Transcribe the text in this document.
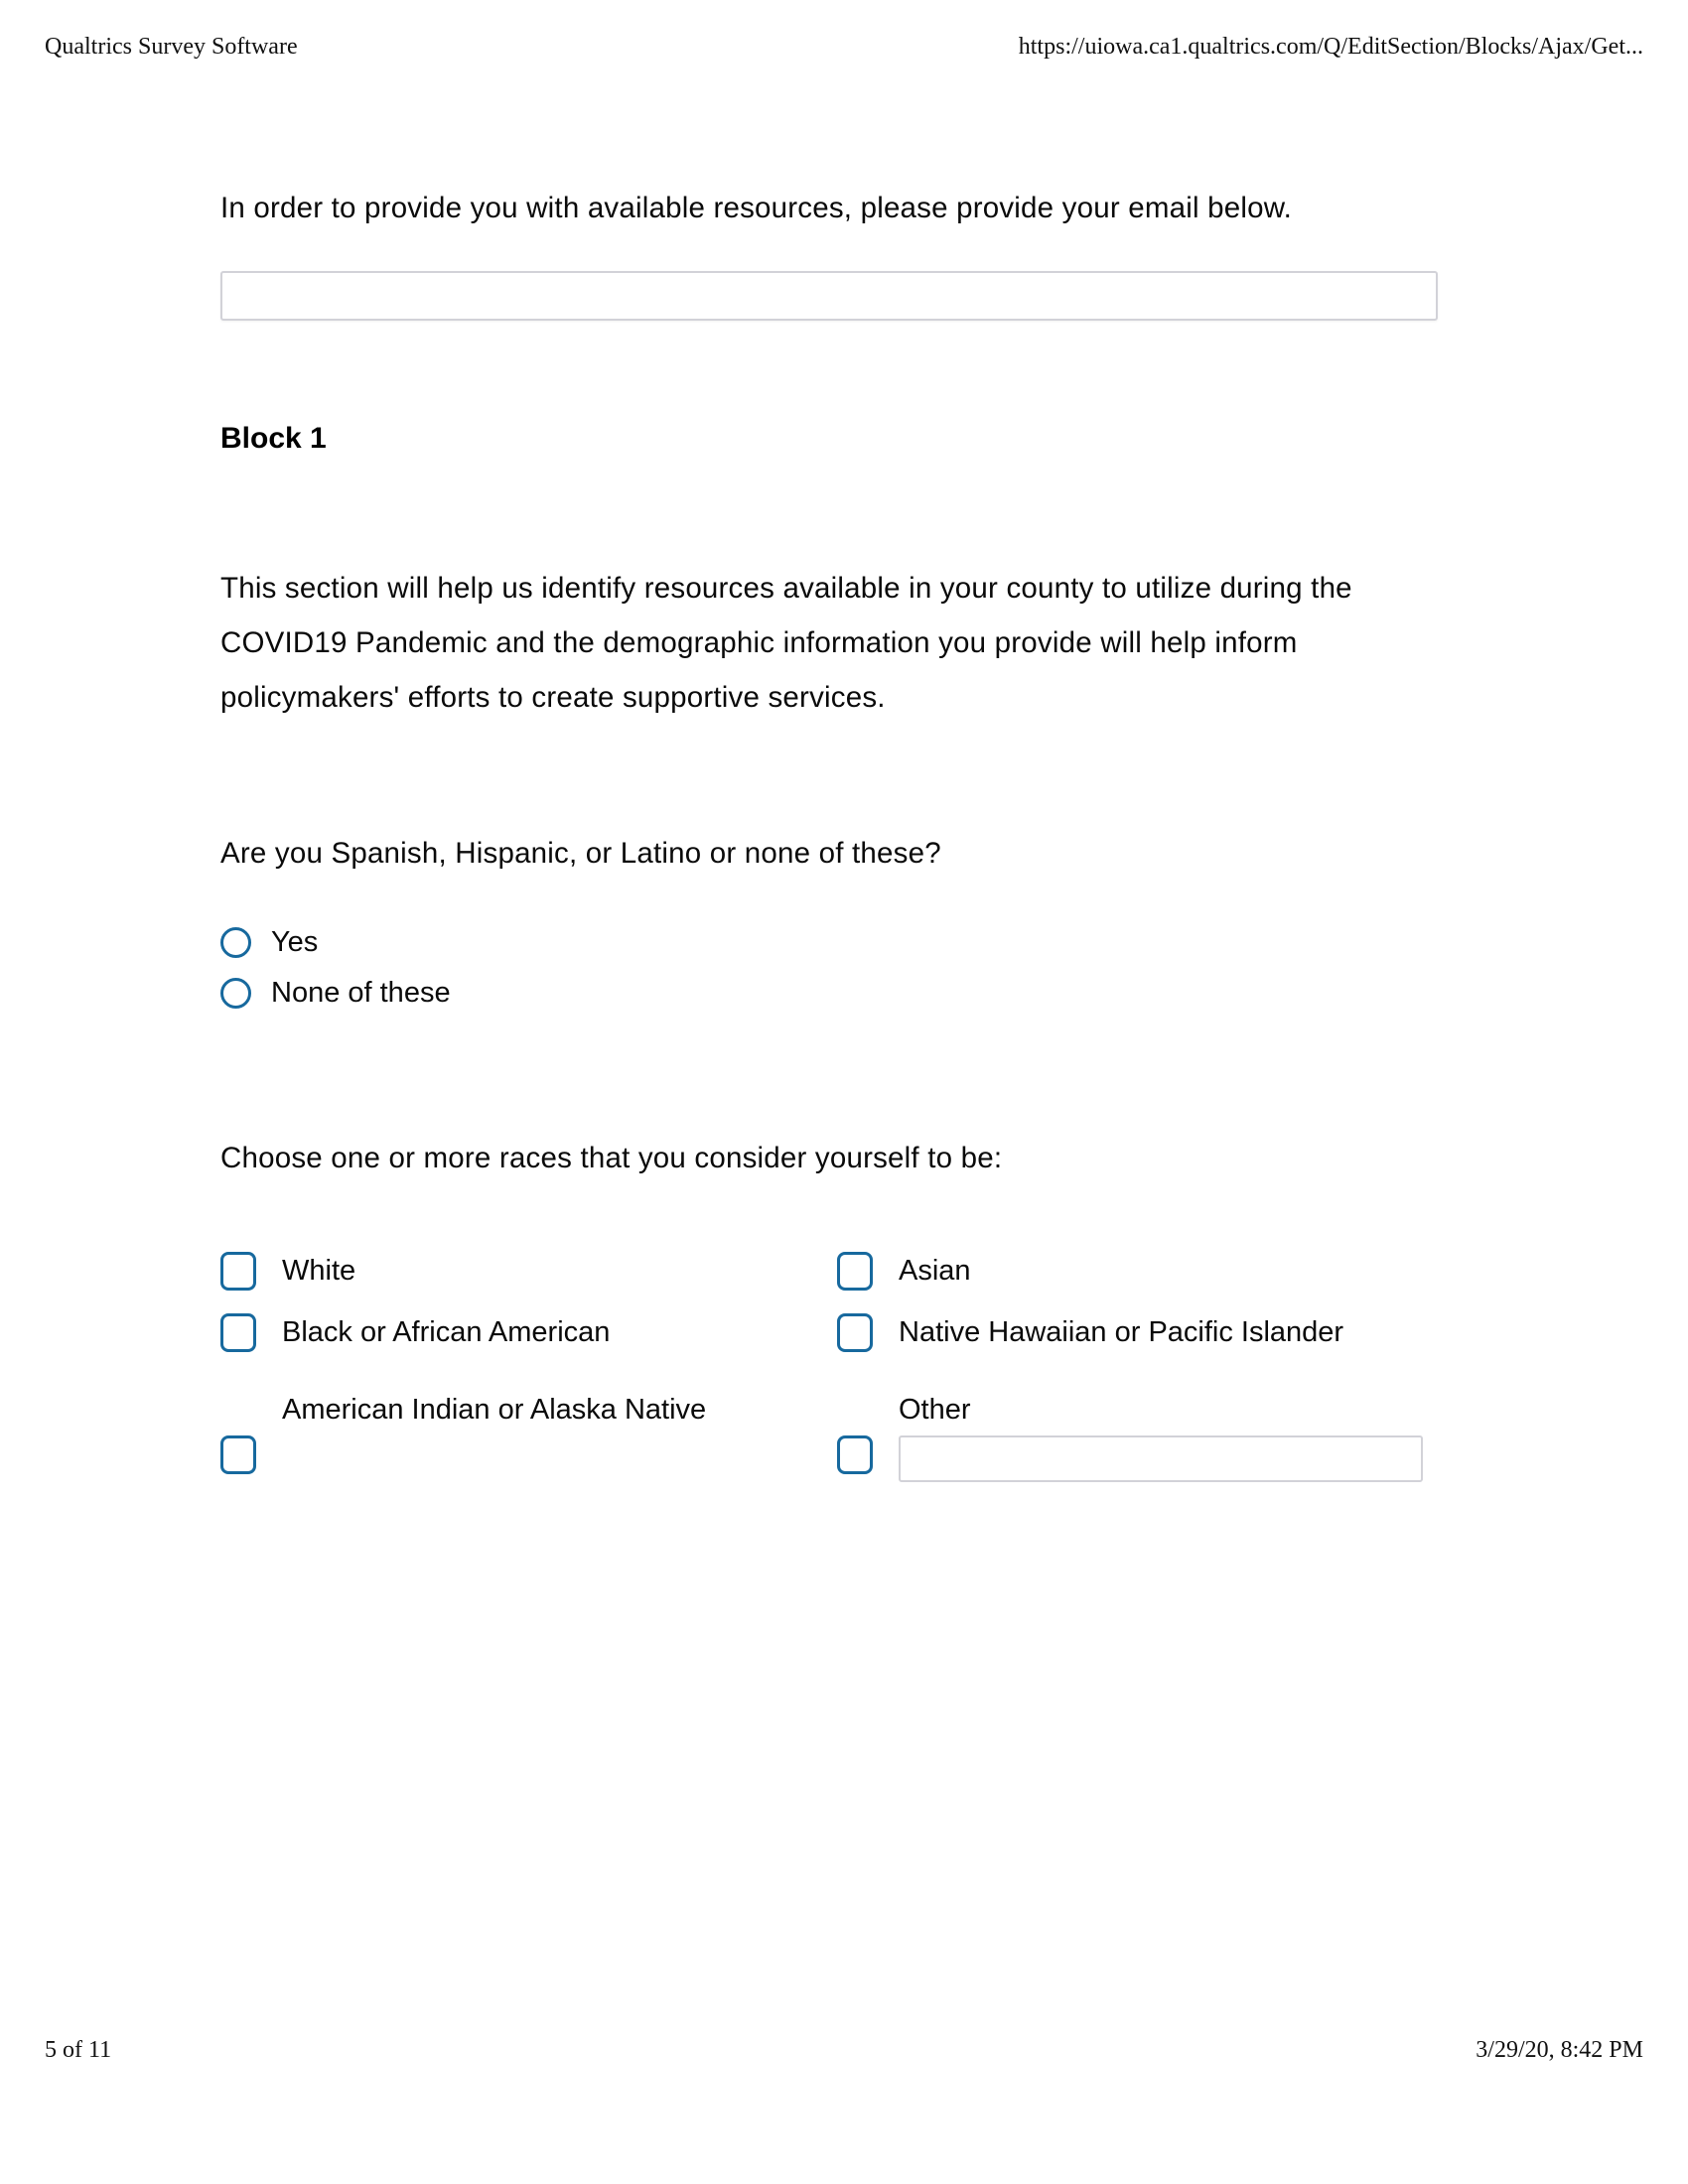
Qualtrics Survey Software	https://uiowa.ca1.qualtrics.com/Q/EditSection/Blocks/Ajax/Get...
In order to provide you with available resources, please provide your email below.
Block 1
This section will help us identify resources available in your county to utilize during the COVID19 Pandemic and the demographic information you provide will help inform policymakers' efforts to create supportive services.
Are you Spanish, Hispanic, or Latino or none of these?
Yes
None of these
Choose one or more races that you consider yourself to be:
White	Asian
Black or African American	Native Hawaiian or Pacific Islander
American Indian or Alaska Native	Other
5 of 11	3/29/20, 8:42 PM
